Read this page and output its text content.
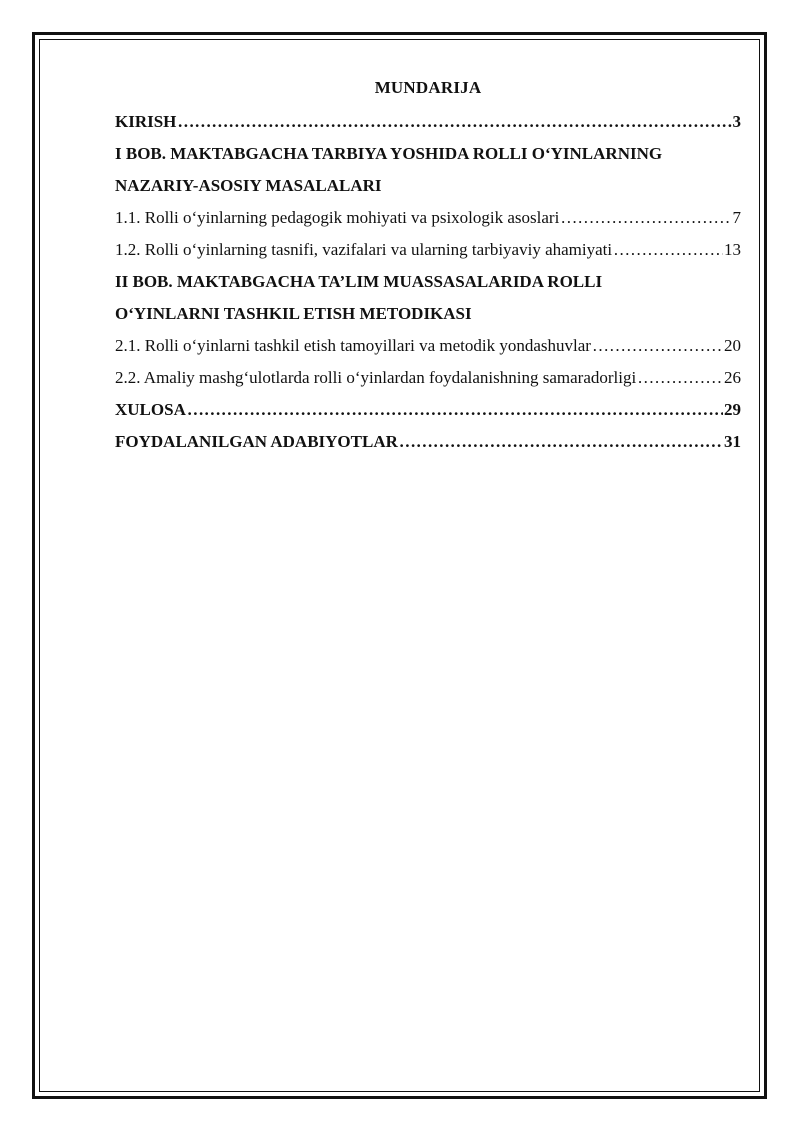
MUNDARIJA
KIRISH …………………………………………………………………………………………………………………………………………………………………………	3
I BOB. MAKTABGACHA TARBIYA YOSHIDA ROLLI O‘YINLARNING
NAZARIY-ASOSIY MASALALARI
1.1. Rolli o‘yinlarning pedagogik mohiyati va psixologik asoslari …………………………………………………………………………………………………………………………………………………………………………	7
1.2. Rolli o‘yinlarning tasnifi, vazifalari va ularning tarbiyaviy ahamiyati …………………………………………………………………………………………………………………………………………………………………………	13
II BOB. MAKTABGACHA TA’LIM MUASSASALARIDA ROLLI
O‘YINLARNI TASHKIL ETISH METODIKASI
2.1. Rolli o‘yinlarni tashkil etish tamoyillari va metodik yondashuvlar …………………………………………………………………………………………………………………………………………………………………………	20
2.2. Amaliy mashg‘ulotlarda rolli o‘yinlardan foydalanishning samaradorligi …………………………………………………………………………………………………………………………………………………………………………	26
XULOSA …………………………………………………………………………………………………………………………………………………………………………	29
FOYDALANILGAN ADABIYOTLAR …………………………………………………………………………………………………………………………………………………………………………	31
